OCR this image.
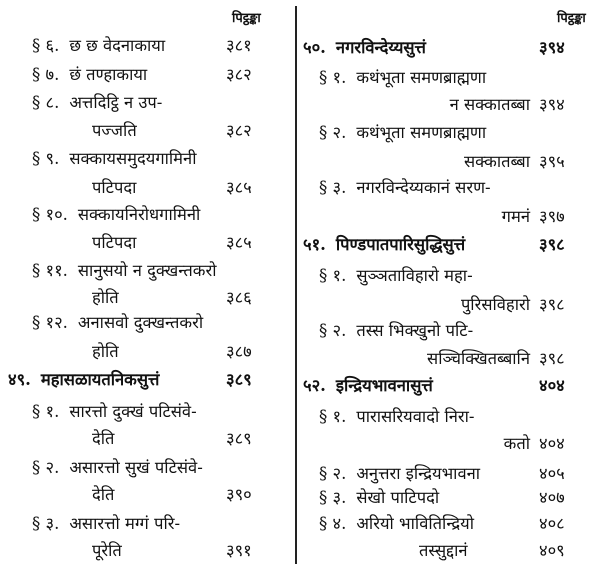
पिट्ठङ्का
§ ६. छ छ वेदनाकाया	३८१
§ ७. छं तण्हाकाया	३८२
§ ८. अत्तदिट्ठि न उप-
पज्जति	३८२
§ ९. सक्कायसमुदयगामिनी
पटिपदा	३८५
§ १०. सक्कायनिरोधगामिनी
पटिपदा	३८५
§ ११. सानुसयो न दुक्खन्तकरो
होति	३८६
§ १२. अनासवो दुक्खन्तकरो
होति	३८७
४९. महासळायतनिकसुत्तं	३८९
§ १. सारत्तो दुक्खं पटिसंवे-
देति	३८९
§ २. असारत्तो सुखं पटिसंवे-
देति	३९०
§ ३. असारत्तो मग्गं परि-
पूरेति	३९१
पिट्ठङ्का
५०. नगरविन्देय्यसुत्तं	३९४
§ १. कथंभूता समणब्राह्मणा
न सक्कातब्बा ३९४
§ २. कथंभूता समणब्राह्मणा
सक्कातब्बा ३९५
§ ३. नगरविन्देय्यकानं सरण-
गमनं ३९७
५१. पिण्डपातपारिसुद्धिसुत्तं	३९८
§ १. सुञ्ञताविहारो महा-
पुरिसविहारो ३९८
§ २. तस्स भिक्खुनो पटि-
सञ्चिक्खितब्बानि ३९८
५२. इन्द्रियभावनासुत्तं	४०४
§ १. पारासरियवादो निरा-
कतो ४०४
§ २. अनुत्तरा इन्द्रियभावना	४०५
§ ३. सेखो पाटिपदो	४०७
§ ४. अरियो भावितिन्द्रियो	४०८
तस्सुद्दानं	४०९
